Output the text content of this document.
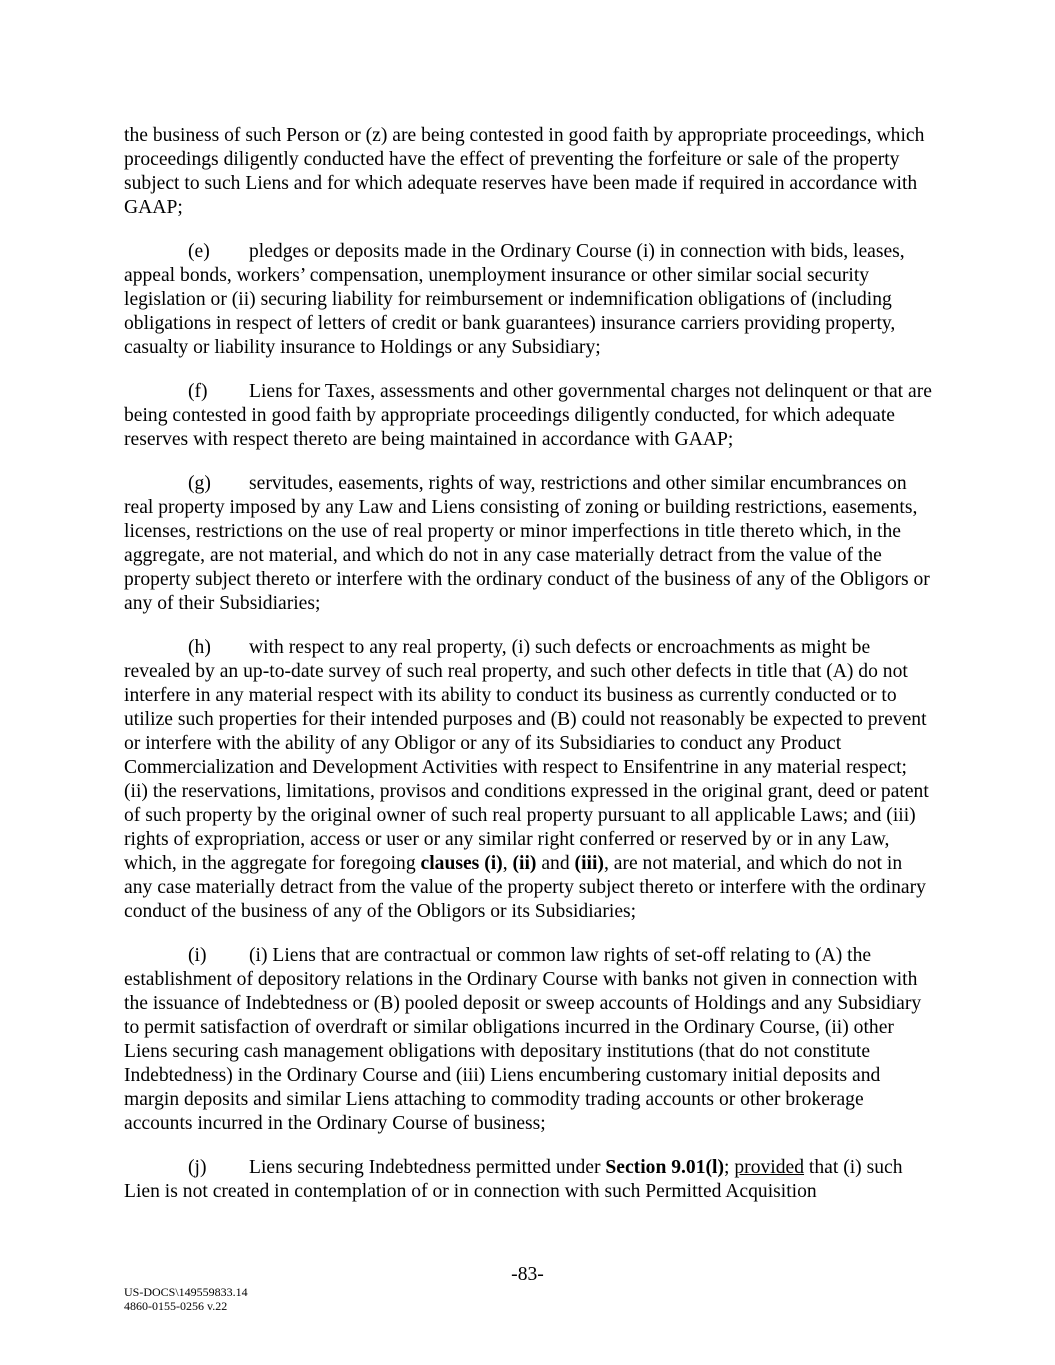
the business of such Person or (z) are being contested in good faith by appropriate proceedings, which proceedings diligently conducted have the effect of preventing the forfeiture or sale of the property subject to such Liens and for which adequate reserves have been made if required in accordance with GAAP;

(e) pledges or deposits made in the Ordinary Course (i) in connection with bids, leases, appeal bonds, workers’ compensation, unemployment insurance or other similar social security legislation or (ii) securing liability for reimbursement or indemnification obligations of (including obligations in respect of letters of credit or bank guarantees) insurance carriers providing property, casualty or liability insurance to Holdings or any Subsidiary;

(f) Liens for Taxes, assessments and other governmental charges not delinquent or that are being contested in good faith by appropriate proceedings diligently conducted, for which adequate reserves with respect thereto are being maintained in accordance with GAAP;

(g) servitudes, easements, rights of way, restrictions and other similar encumbrances on real property imposed by any Law and Liens consisting of zoning or building restrictions, easements, licenses, restrictions on the use of real property or minor imperfections in title thereto which, in the aggregate, are not material, and which do not in any case materially detract from the value of the property subject thereto or interfere with the ordinary conduct of the business of any of the Obligors or any of their Subsidiaries;

(h) with respect to any real property, (i) such defects or encroachments as might be revealed by an up-to-date survey of such real property, and such other defects in title that (A) do not interfere in any material respect with its ability to conduct its business as currently conducted or to utilize such properties for their intended purposes and (B) could not reasonably be expected to prevent or interfere with the ability of any Obligor or any of its Subsidiaries to conduct any Product Commercialization and Development Activities with respect to Ensifentrine in any material respect; (ii) the reservations, limitations, provisos and conditions expressed in the original grant, deed or patent of such property by the original owner of such real property pursuant to all applicable Laws; and (iii) rights of expropriation, access or user or any similar right conferred or reserved by or in any Law, which, in the aggregate for foregoing clauses (i), (ii) and (iii), are not material, and which do not in any case materially detract from the value of the property subject thereto or interfere with the ordinary conduct of the business of any of the Obligors or its Subsidiaries;

(i) (i) Liens that are contractual or common law rights of set-off relating to (A) the establishment of depository relations in the Ordinary Course with banks not given in connection with the issuance of Indebtedness or (B) pooled deposit or sweep accounts of Holdings and any Subsidiary to permit satisfaction of overdraft or similar obligations incurred in the Ordinary Course, (ii) other Liens securing cash management obligations with depositary institutions (that do not constitute Indebtedness) in the Ordinary Course and (iii) Liens encumbering customary initial deposits and margin deposits and similar Liens attaching to commodity trading accounts or other brokerage accounts incurred in the Ordinary Course of business;

(j) Liens securing Indebtedness permitted under Section 9.01(l); provided that (i) such Lien is not created in contemplation of or in connection with such Permitted Acquisition

-83-
US-DOCS\149559833.14
4860-0155-0256 v.22
